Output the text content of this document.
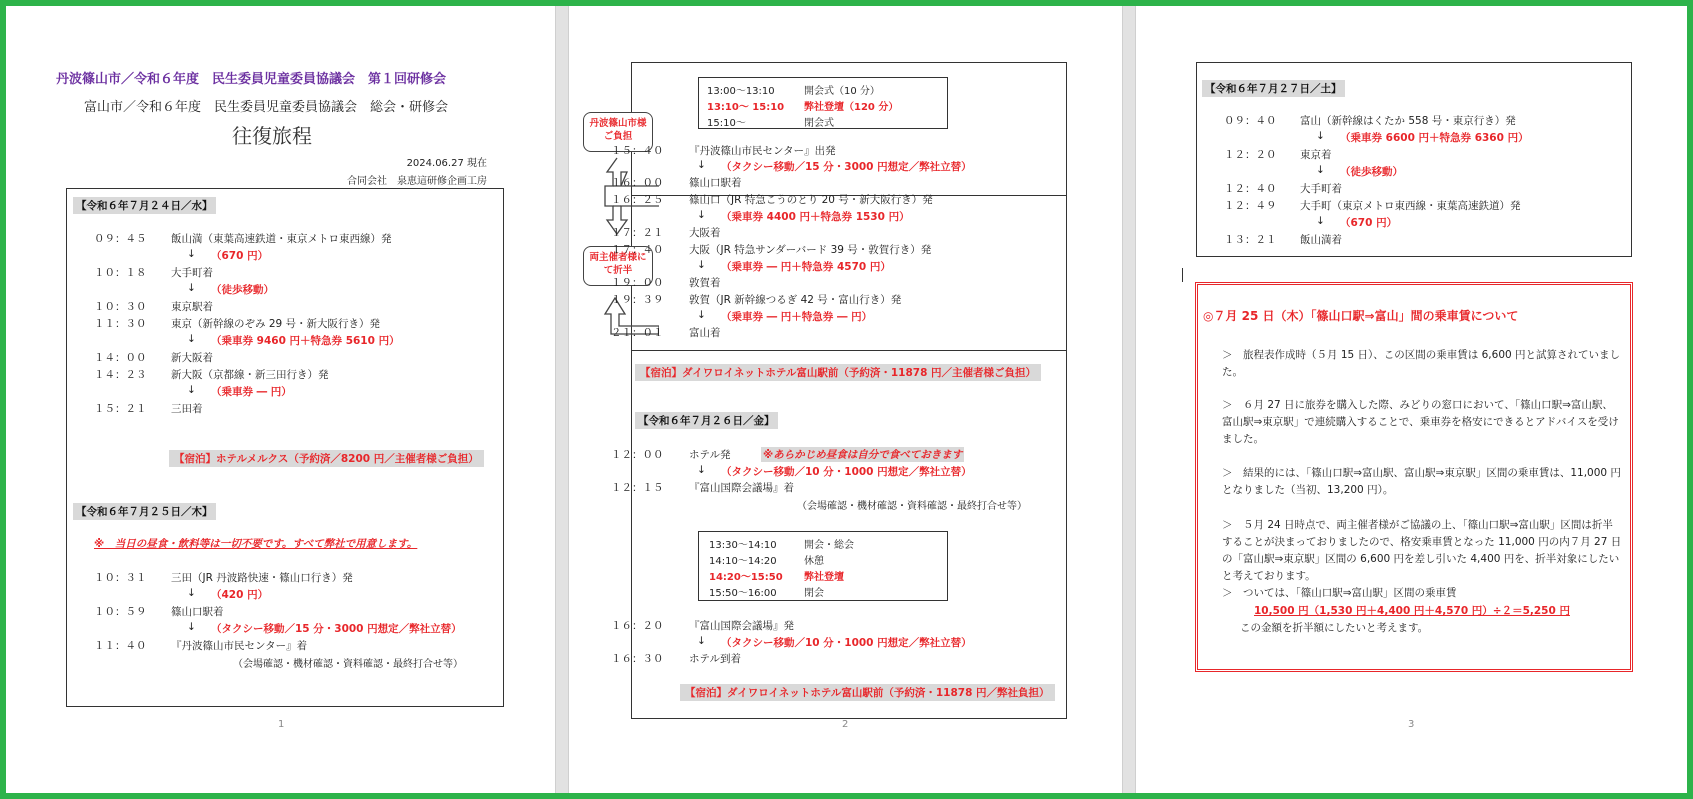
丹波篠山市／令和６年度　民生委員児童委員協議会　第１回研修会
富山市／令和６年度　民生委員児童委員協議会　総会・研修会
往復旅程
2024.06.27 現在
合同会社　泉恵這研修企画工房
【令和６年７月２４日／水】
０９：４５ 飯山満（東葉高速鉄道・東京メトロ東西線）発
↓ （670 円）
１０：１８ 大手町着
↓ （徒歩移動）
１０：３０ 東京駅着
１１：３０ 東京（新幹線のぞみ 29 号・新大阪行き）発
↓ （乗車券 9460 円＋特急券 5610 円）
１４：００ 新大阪着
１４：２３ 新大阪（京都線・新三田行き）発
↓ （乗車券 ― 円）
１５：２１ 三田着
【宿泊】ホテルメルクス（予約済／8200 円／主催者様ご負担）
【令和６年７月２５日／木】
※　当日の昼食・飲料等は一切不要です。すべて弊社で用意します。
１０：３１ 三田（JR 丹波路快速・篠山口行き）発
↓ （420 円）
１０：５９ 篠山口駅着
↓ （タクシー移動／15 分・3000 円想定／弊社立替）
１１：４０ 『丹波篠山市民センター』着
（会場確認・機材確認・資料確認・最終打合せ等）
1
13:00～13:10	開会式（10 分）
13:10～ 15:10 弊社登壇（120 分）
15:10～	閉会式
丹波篠山市様
ご負担
両主催者様に
て折半
１５：４０ 『丹波篠山市民センター』出発
↓ （タクシー移動／15 分・3000 円想定／弊社立替）
１６：００ 篠山口駅着
１６：２５ 篠山口（JR 特急こうのとり 20 号・新大阪行き）発
↓ （乗車券 4400 円＋特急券 1530 円）
１７：２１ 大阪着
１７：４０ 大阪（JR 特急サンダーバード 39 号・敦賀行き）発
↓ （乗車券 ― 円＋特急券 4570 円）
１９：００ 敦賀着
１９：３９ 敦賀（JR 新幹線つるぎ 42 号・富山行き）発
↓ （乗車券 ― 円＋特急券 ― 円）
２１：０１ 富山着
【宿泊】ダイワロイネットホテル富山駅前（予約済・11878 円／主催者様ご負担）
【令和６年７月２６日／金】
１２：００ ホテル発	※あらかじめ昼食は自分で食べておきます
↓ （タクシー移動／10 分・1000 円想定／弊社立替）
１２：１５ 『富山国際会議場』着
（会場確認・機材確認・資料確認・最終打合せ等）
13:30～14:10	開会・総会
14:10～14:20	休憩
14:20～15:50 弊社登壇
15:50～16:00	閉会
１６：２０ 『富山国際会議場』発
↓ （タクシー移動／10 分・1000 円想定／弊社立替）
１６：３０ ホテル到着
【宿泊】ダイワロイネットホテル富山駅前（予約済・11878 円／弊社負担）
2
【令和６年７月２７日／土】
０９：４０ 富山（新幹線はくたか 558 号・東京行き）発
↓ （乗車券 6600 円＋特急券 6360 円）
１２：２０ 東京着
↓ （徒歩移動）
１２：４０ 大手町着
１２：４９ 大手町（東京メトロ東西線・東葉高速鉄道）発
↓ （670 円）
１３：２１ 飯山満着
◎７月 25 日（木）「篠山口駅⇒富山」間の乗車賃について
＞　旅程表作成時（５月 15 日）、この区間の乗車賃は 6,600 円と試算されていました。
＞　６月 27 日に旅券を購入した際、みどりの窓口において、「篠山口駅⇒富山駅、富山駅⇒東京駅」で連続購入することで、乗車券を格安にできるとアドバイスを受けました。
＞　結果的には、「篠山口駅⇒富山駅、富山駅⇒東京駅」区間の乗車賃は、11,000 円となりました（当初、13,200 円）。
＞　５月 24 日時点で、両主催者様がご協議の上、「篠山口駅⇒富山駅」区間は折半することが決まっておりましたので、格安乗車賃となった 11,000 円の内７月 27 日の「富山駅⇒東京駅」区間の 6,600 円を差し引いた 4,400 円を、折半対象にしたいと考えております。
＞　ついては、「篠山口駅⇒富山駅」区間の乗車賃
10,500 円（1,530 円＋4,400 円＋4,570 円）÷２＝5,250 円
この金額を折半額にしたいと考えます。
3
